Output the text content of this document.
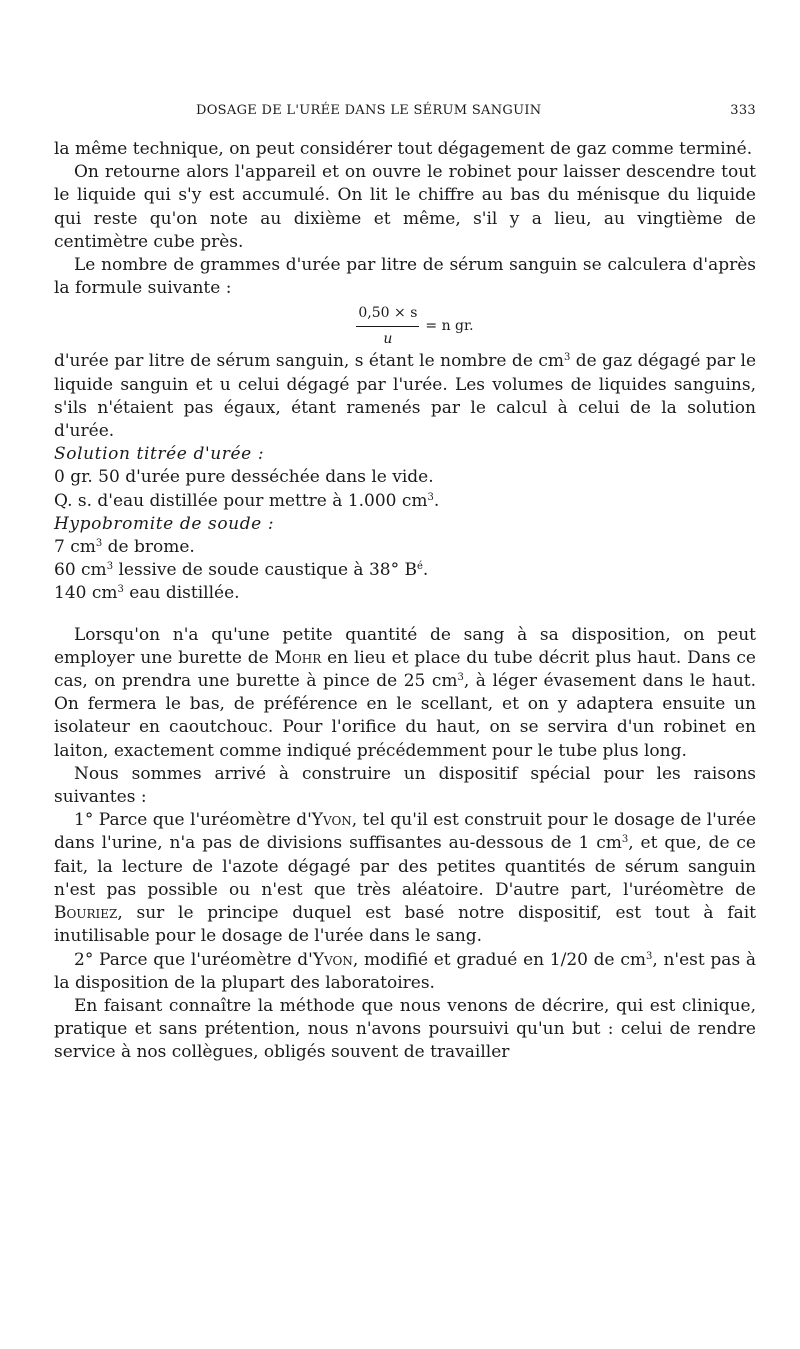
DOSAGE DE L'URÉE DANS LE SÉRUM SANGUIN	333

la même technique, on peut considérer tout dégagement de gaz comme terminé.

On retourne alors l'appareil et on ouvre le robinet pour laisser descendre tout le liquide qui s'y est accumulé. On lit le chiffre au bas du ménisque du liquide qui reste qu'on note au dixième et même, s'il y a lieu, au vingtième de centimètre cube près.

Le nombre de grammes d'urée par litre de sérum sanguin se calculera d'après la formule suivante :

$\frac{0,50 \times s}{u} = n$ gr.

d'urée par litre de sérum sanguin, s étant le nombre de $cm^3$ de gaz dégagé par le liquide sanguin et u celui dégagé par l'urée. Les volumes de liquides sanguins, s'ils n'étaient pas égaux, étant ramenés par le calcul à celui de la solution d'urée.

Solution titrée d'urée :

0 gr. 50 d'urée pure desséchée dans le vide.

Q. s. d'eau distillée pour mettre à 1.000 $cm^3$.

Hypobromite de soude :

7 $cm^3$ de brome.

60 $cm^3$ lessive de soude caustique à 38° $B^é$.

140 $cm^3$ eau distillée.

Lorsqu'on n'a qu'une petite quantité de sang à sa disposition, on peut employer une burette de Mohr en lieu et place du tube décrit plus haut. Dans ce cas, on prendra une burette à pince de 25 $cm^3$, à léger évasement dans le haut. On fermera le bas, de préférence en le scellant, et on y adaptera ensuite un isolateur en caoutchouc. Pour l'orifice du haut, on se servira d'un robinet en laiton, exactement comme indiqué précédemment pour le tube plus long.

Nous sommes arrivé à construire un dispositif spécial pour les raisons suivantes :

1° Parce que l'uréomètre d'Yvon, tel qu'il est construit pour le dosage de l'urée dans l'urine, n'a pas de divisions suffisantes au-dessous de 1 $cm^3$, et que, de ce fait, la lecture de l'azote dégagé par des petites quantités de sérum sanguin n'est pas possible ou n'est que très aléatoire. D'autre part, l'uréomètre de Bouriez, sur le principe duquel est basé notre dispositif, est tout à fait inutilisable pour le dosage de l'urée dans le sang.

2° Parce que l'uréomètre d'Yvon, modifié et gradué en 1/20 de $cm^3$, n'est pas à la disposition de la plupart des laboratoires.

En faisant connaître la méthode que nous venons de décrire, qui est clinique, pratique et sans prétention, nous n'avons poursuivi qu'un but : celui de rendre service à nos collègues, obligés souvent de travailler
